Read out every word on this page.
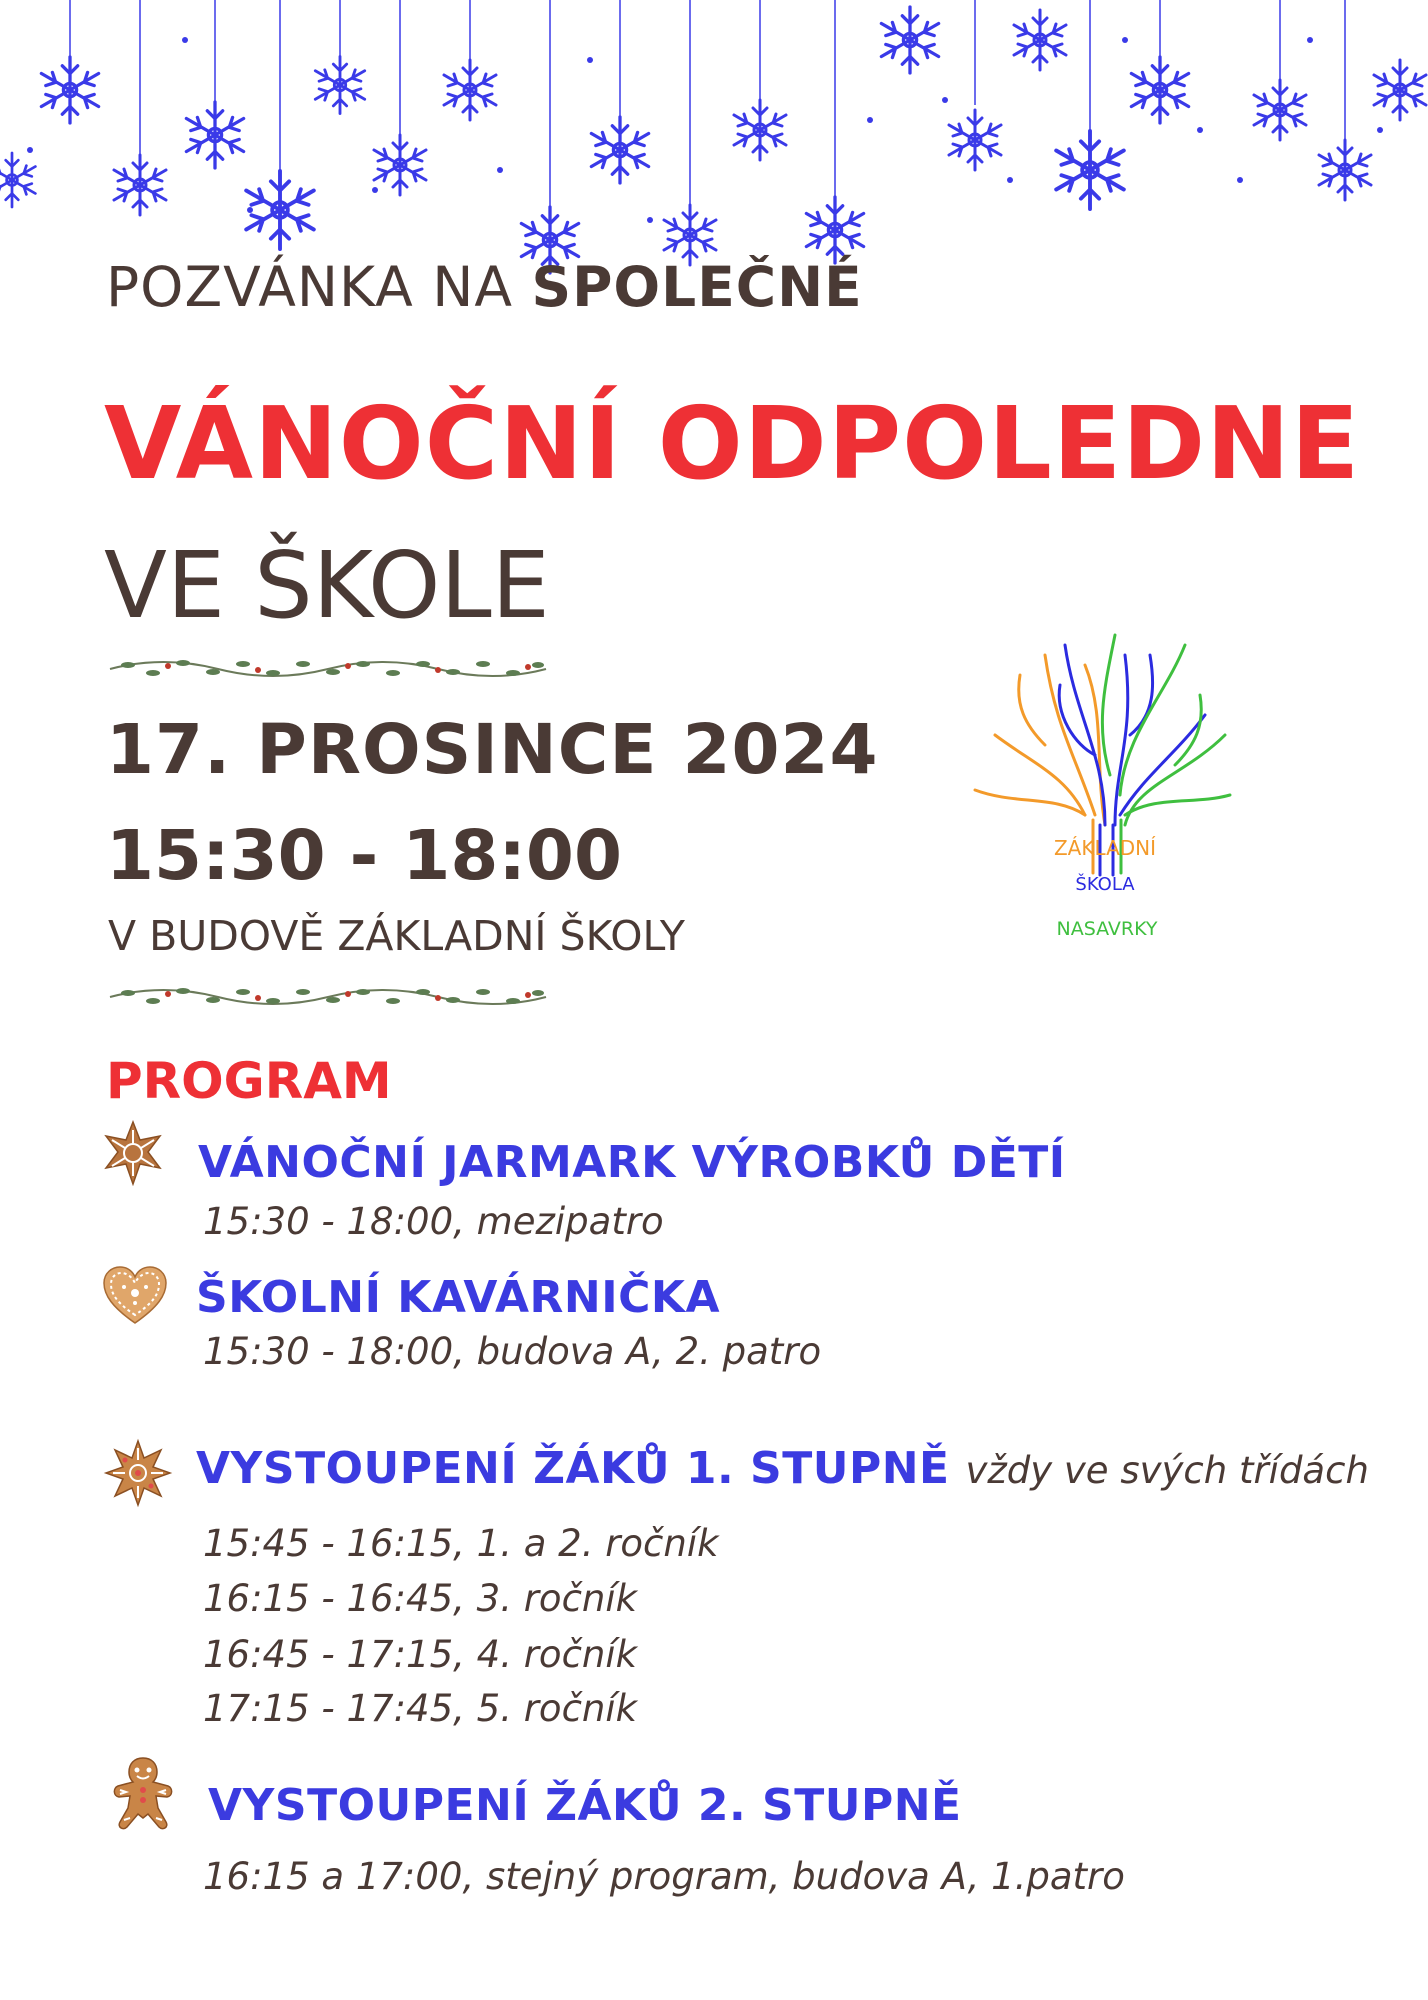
POZVÁNKA NA SPOLEČNÉ
VÁNOČNÍ ODPOLEDNE
VE ŠKOLE
17. PROSINCE 2024
15:30 - 18:00
V BUDOVĚ ZÁKLADNÍ ŠKOLY
ZÁKLADNÍ
ŠKOLA
NASAVRKY
PROGRAM
VÁNOČNÍ JARMARK VÝROBKŮ DĚTÍ
15:30 - 18:00, mezipatro
ŠKOLNÍ KAVÁRNIČKA
15:30 - 18:00, budova A, 2. patro
VYSTOUPENÍ ŽÁKŮ 1. STUPNĚ vždy ve svých třídách
15:45 - 16:15, 1. a 2. ročník
16:15 - 16:45, 3. ročník
16:45 - 17:15, 4. ročník
17:15 - 17:45, 5. ročník
VYSTOUPENÍ ŽÁKŮ 2. STUPNĚ
16:15 a 17:00, stejný program, budova A, 1.patro
